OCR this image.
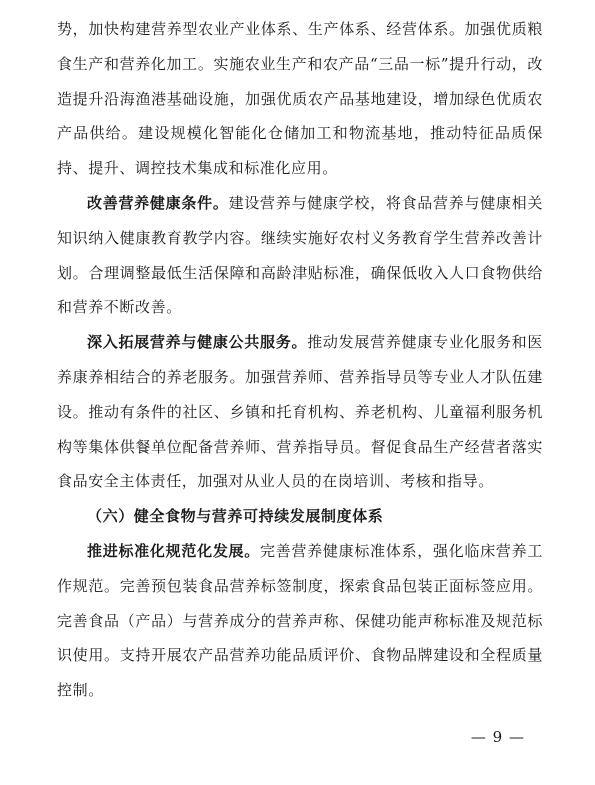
势，加快构建营养型农业产业体系、生产体系、经营体系。加强优质粮食生产和营养化加工。实施农业生产和农产品“三品一标”提升行动，改造提升沿海渔港基础设施，加强优质农产品基地建设，增加绿色优质农产品供给。建设规模化智能化仓储加工和物流基地，推动特征品质保持、提升、调控技术集成和标准化应用。

改善营养健康条件。建设营养与健康学校，将食品营养与健康相关知识纳入健康教育教学内容。继续实施好农村义务教育学生营养改善计划。合理调整最低生活保障和高龄津贴标准，确保低收入人口食物供给和营养不断改善。

深入拓展营养与健康公共服务。推动发展营养健康专业化服务和医养康养相结合的养老服务。加强营养师、营养指导员等专业人才队伍建设。推动有条件的社区、乡镇和托育机构、养老机构、儿童福利服务机构等集体供餐单位配备营养师、营养指导员。督促食品生产经营者落实食品安全主体责任，加强对从业人员的在岗培训、考核和指导。

（六）健全食物与营养可持续发展制度体系

推进标准化规范化发展。完善营养健康标准体系，强化临床营养工作规范。完善预包装食品营养标签制度，探索食品包装正面标签应用。完善食品（产品）与营养成分的营养声称、保健功能声称标准及规范标识使用。支持开展农产品营养功能品质评价、食物品牌建设和全程质量控制。

— 9 —
